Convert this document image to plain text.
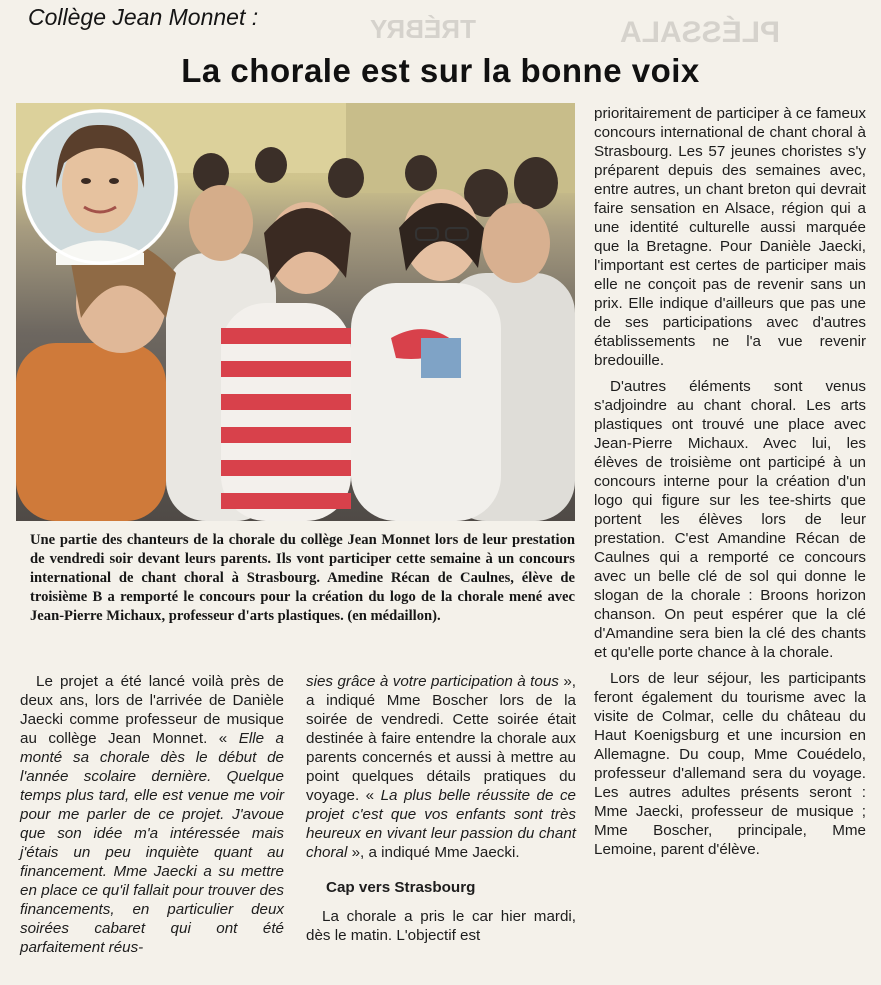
TRÉBRY	PLÉSSALA
Collège Jean Monnet :
La chorale est sur la bonne voix
Une partie des chanteurs de la chorale du collège Jean Monnet lors de leur prestation de vendredi soir devant leurs parents. Ils vont participer cette semaine à un concours international de chant choral à Strasbourg. Amedine Récan de Caulnes, élève de troisième B a remporté le concours pour la création du logo de la chorale mené avec Jean-Pierre Michaux, professeur d'arts plastiques. (en médaillon).

Le projet a été lancé voilà près de deux ans, lors de l'arrivée de Danièle Jaecki comme professeur de musique au collège Jean Monnet. « Elle a monté sa chorale dès le début de l'année scolaire dernière. Quelque temps plus tard, elle est venue me voir pour me parler de ce projet. J'avoue que son idée m'a intéressée mais j'étais un peu inquiète quant au financement. Mme Jaecki a su mettre en place ce qu'il fallait pour trouver des financements, en particulier deux soirées cabaret qui ont été parfaitement réus-

sies grâce à votre participation à tous », a indiqué Mme Boscher lors de la soirée de vendredi. Cette soirée était destinée à faire entendre la chorale aux parents concernés et aussi à mettre au point quelques détails pratiques du voyage. « La plus belle réussite de ce projet c'est que vos enfants sont très heureux en vivant leur passion du chant choral », a indiqué Mme Jaecki.

Cap vers Strasbourg

La chorale a pris le car hier mardi, dès le matin. L'objectif est

prioritairement de participer à ce fameux concours international de chant choral à Strasbourg. Les 57 jeunes choristes s'y préparent depuis des semaines avec, entre autres, un chant breton qui devrait faire sensation en Alsace, région qui a une identité culturelle aussi marquée que la Bretagne. Pour Danièle Jaecki, l'important est certes de participer mais elle ne conçoit pas de revenir sans un prix. Elle indique d'ailleurs que pas une de ses participations avec d'autres établissements ne l'a vue revenir bredouille.

D'autres éléments sont venus s'adjoindre au chant choral. Les arts plastiques ont trouvé une place avec Jean-Pierre Michaux. Avec lui, les élèves de troisième ont participé à un concours interne pour la création d'un logo qui figure sur les tee-shirts que portent les élèves lors de leur prestation. C'est Amandine Récan de Caulnes qui a remporté ce concours avec un belle clé de sol qui donne le slogan de la chorale : Broons horizon chanson. On peut espérer que la clé d'Amandine sera bien la clé des chants et qu'elle porte chance à la chorale.

Lors de leur séjour, les participants feront également du tourisme avec la visite de Colmar, celle du château du Haut Koenigsburg et une incursion en Allemagne. Du coup, Mme Couédelo, professeur d'allemand sera du voyage. Les autres adultes présents seront : Mme Jaecki, professeur de musique ; Mme Boscher, principale, Mme Lemoine, parent d'élève.
